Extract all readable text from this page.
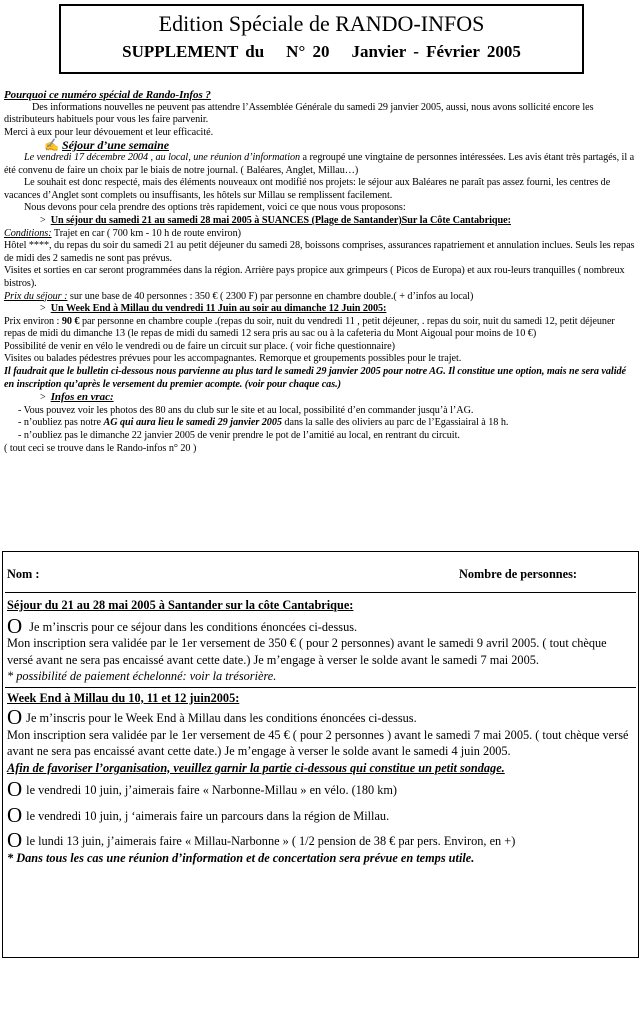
Edition Spéciale de RANDO-INFOS
SUPPLEMENT du N° 20 Janvier - Février 2005

Pourquoi ce numéro spécial de Rando-Infos ?

Des informations nouvelles ne peuvent pas attendre l’Assemblée Générale du samedi 29 janvier 2005, aussi, nous avons sollicité encore les distributeurs habituels pour vous les faire parvenir.

Merci à eux pour leur dévouement et leur efficacité.

✍ Séjour d’une semaine

Le vendredi 17 décembre 2004 , au local, une réunion d’information a regroupé une vingtaine de personnes intéressées. Les avis étant très partagés, il a été convenu de faire un choix par le biais de notre journal. ( Baléares, Anglet, Millau…)

Le souhait est donc respecté, mais des éléments nouveaux ont modifié nos projets: le séjour aux Baléares ne paraît pas assez fourni, les centres de vacances d’Anglet sont complets ou insuffisants, les hôtels sur Millau se remplissent facilement.

Nous devons pour cela prendre des options très rapidement, voici ce que nous vous proposons:

>  Un séjour du samedi 21 au samedi 28 mai 2005 à SUANCES (Plage de Santander)Sur la Côte Cantabrique:

Conditions: Trajet en car ( 700 km - 10 h de route environ)

Hôtel ****, du repas du soir du samedi 21 au petit déjeuner du samedi 28, boissons comprises, assurances rapatriement et annulation inclues. Seuls les repas de midi des 2 samedis ne sont pas prévus.

Visites et sorties en car seront programmées dans la région. Arrière pays propice aux grimpeurs ( Picos de Europa) et aux rou-leurs tranquilles ( nombreux bistros).

Prix du séjour : sur une base de 40 personnes : 350 € ( 2300 F) par personne en chambre double.( + d’infos au local)

>  Un Week End à Millau du vendredi 11 Juin au soir au dimanche 12 Juin 2005:

Prix environ : 90 € par personne en chambre couple .(repas du soir, nuit du vendredi 11 , petit déjeuner, . repas du soir, nuit du samedi 12, petit déjeuner repas de midi du dimanche 13 (le repas de midi du samedi 12 sera pris au sac ou à la cafeteria du Mont Aigoual pour moins de 10 €)

Possibilité de venir en vélo le vendredi ou de faire un circuit sur place. ( voir fiche questionnaire)

Visites ou balades pédestres prévues pour les accompagnantes. Remorque et groupements possibles pour le trajet.

Il faudrait que le bulletin ci-dessous nous parvienne au plus tard le samedi 29 janvier 2005 pour notre AG. Il constitue une option, mais ne sera validé en inscription qu’après le versement du premier acompte. (voir pour chaque cas.)

>  Infos en vrac:

- Vous pouvez voir les photos des 80 ans du club sur le site et au local, possibilité d’en commander jusqu’à l’AG.

- n’oubliez pas notre AG qui aura lieu le samedi 29 janvier 2005 dans la salle des oliviers au parc de l’Egassiairal à 18 h.

- n’oubliez pas le dimanche 22 janvier 2005 de venir prendre le pot de l’amitié au local, en rentrant du circuit.

( tout ceci se trouve dans le Rando-infos n° 20 )

Nom :	Nombre de personnes:

Séjour du 21 au 28 mai 2005 à Santander sur la côte Cantabrique:

O Je m’inscris pour ce séjour dans les conditions énoncées ci-dessus.

Mon inscription sera validée par le 1er versement de 350 € ( pour 2 personnes) avant le samedi 9 avril 2005. ( tout chèque versé avant ne sera pas encaissé avant cette date.) Je m’engage à verser le solde avant le samedi 7 mai 2005.

* possibilité de paiement échelonné: voir la trésorière.

Week End à Millau du 10, 11 et 12 juin2005:

O Je m’inscris pour le Week End à Millau dans les conditions énoncées ci-dessus.

Mon inscription sera validée par le 1er versement de 45 € ( pour 2 personnes ) avant le samedi 7 mai 2005. ( tout chèque versé avant ne sera pas encaissé avant cette date.) Je m’engage à verser le solde avant le samedi 4 juin 2005.

Afin de favoriser l’organisation, veuillez garnir la partie ci-dessous qui constitue un petit sondage.

Ole vendredi 10 juin, j’aimerais faire « Narbonne-Millau » en vélo. (180 km)

Ole vendredi 10 juin, j ‘aimerais faire un parcours dans la région de Millau.

Ole lundi 13 juin, j’aimerais faire « Millau-Narbonne » ( 1/2 pension de 38 € par pers. Environ, en +)

* Dans tous les cas une réunion d’information et de concertation sera prévue en temps utile.
